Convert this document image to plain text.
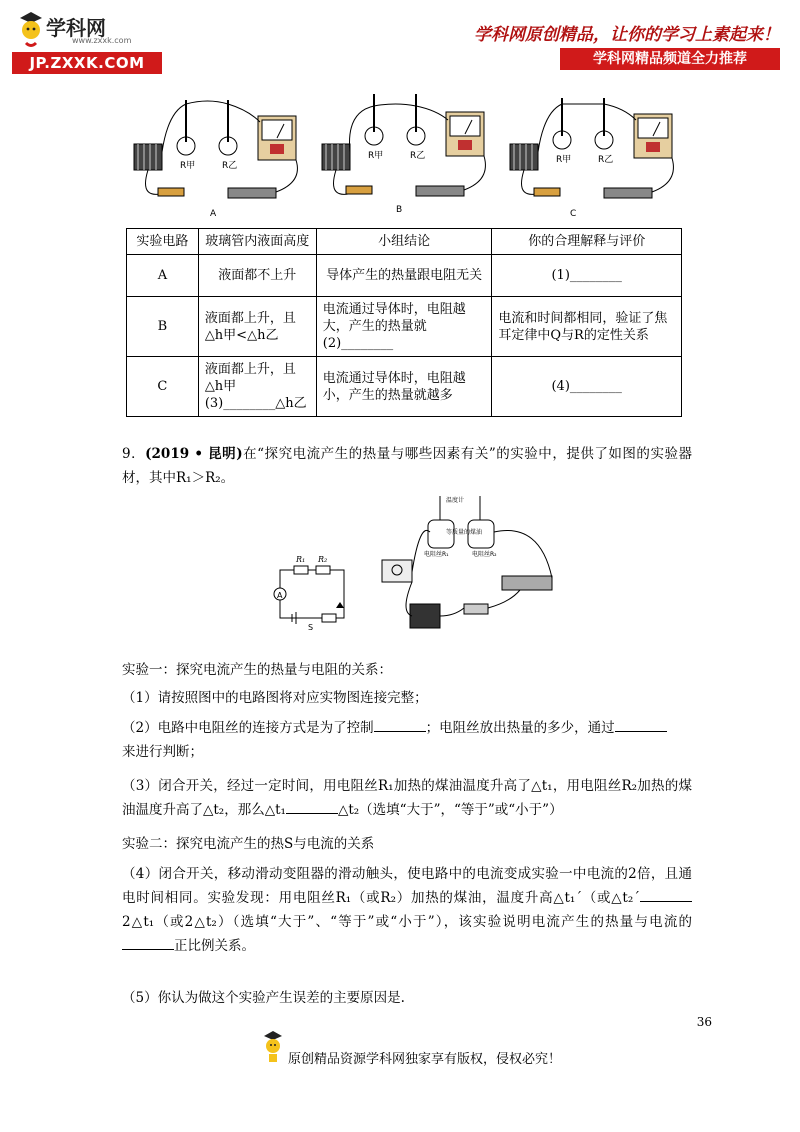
学科网
www.zxxk.com
JP.ZXXK.COM
学科网原创精品，让你的学习上素起来！
学科网精品频道全力推荐
R甲	R乙
A
R甲	R乙
B
R甲	R乙
C
实验电路	玻璃管内液面高度	小组结论	你的合理解释与评价
A	液面都不上升	导体产生的热量跟电阻无关	(1)________
B	液面都上升，且△h甲<△h乙	电流通过导体时，电阻越大，产生的热量就(2)________	电流和时间都相同，验证了焦耳定律中Q与R的定性关系
C	液面都上升，且△h甲(3)________△h乙	电流通过导体时，电阻越小，产生的热量就越多	(4)________
9．(2019 • 昆明)在“探究电流产生的热量与哪些因素有关”的实验中，提供了如图的实验器材，其中R₁＞R₂。
A
R₁ R₂
S
温度计
等质量的煤油
电阻丝R₁	电阻丝R₂
实验一：探究电流产生的热量与电阻的关系：
（1）请按照图中的电路图将对应实物图连接完整；
（2）电路中电阻丝的连接方式是为了控制	；电阻丝放出热量的多少，通过
来进行判断；
（3）闭合开关，经过一定时间，用电阻丝R₁加热的煤油温度升高了△t₁，用电阻丝R₂加热的煤油温度升高了△t₂，那么△t₁	△t₂（选填“大于”，“等于”或“小于”）
实验二：探究电流产生的热S与电流的关系
（4）闭合开关，移动滑动变阻器的滑动触头，使电路中的电流变成实验一中电流的2倍，且通电时间相同。实验发现：用电阻丝R₁（或R₂）加热的煤油，温度升高△t₁´（或△t₂´2△t₁（或2△t₂）（选填“大于”、“等于”或“小于”），该实验说明电流产生的热量与电流的正比例关系。
（5）你认为做这个实验产生误差的主要原因是.
36
原创精品资源学科网独家享有版权，侵权必究！
